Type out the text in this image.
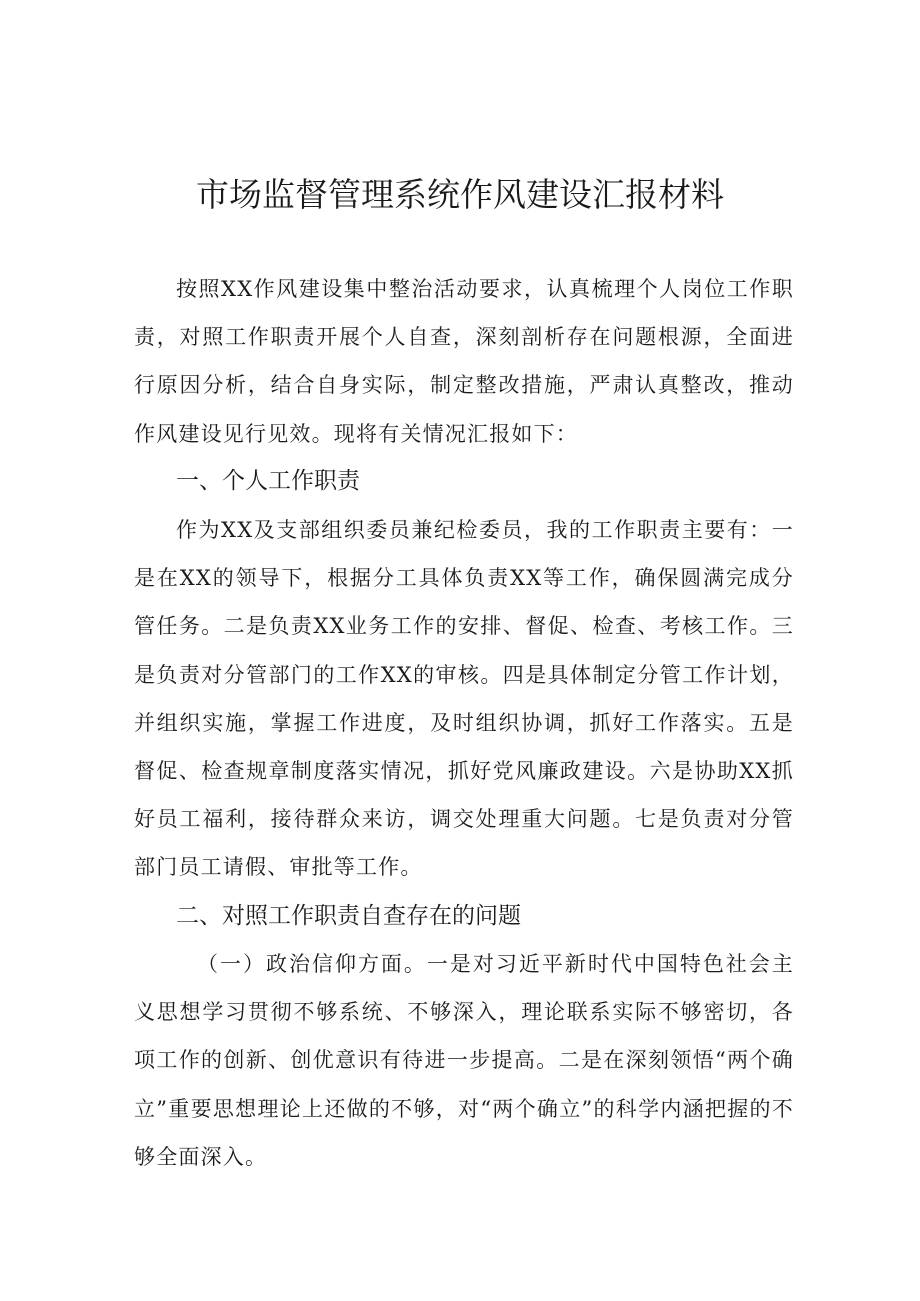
市场监督管理系统作风建设汇报材料

按照XX作风建设集中整治活动要求，认真梳理个人岗位工作职责，对照工作职责开展个人自查，深刻剖析存在问题根源，全面进行原因分析，结合自身实际，制定整改措施，严肃认真整改，推动作风建设见行见效。现将有关情况汇报如下：

一、个人工作职责

作为XX及支部组织委员兼纪检委员，我的工作职责主要有：一是在XX的领导下，根据分工具体负责XX等工作，确保圆满完成分管任务。二是负责XX业务工作的安排、督促、检查、考核工作。三是负责对分管部门的工作XX的审核。四是具体制定分管工作计划，并组织实施，掌握工作进度，及时组织协调，抓好工作落实。五是督促、检查规章制度落实情况，抓好党风廉政建设。六是协助XX抓好员工福利，接待群众来访，调交处理重大问题。七是负责对分管部门员工请假、审批等工作。

二、对照工作职责自查存在的问题

（一）政治信仰方面。一是对习近平新时代中国特色社会主义思想学习贯彻不够系统、不够深入，理论联系实际不够密切，各项工作的创新、创优意识有待进一步提高。二是在深刻领悟“两个确立”重要思想理论上还做的不够，对“两个确立”的科学内涵把握的不够全面深入。
